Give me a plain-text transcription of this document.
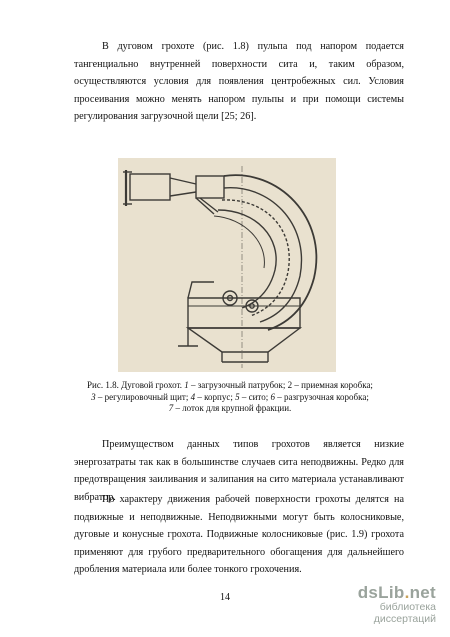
В дуговом грохоте (рис. 1.8) пульпа под напором подается тангенциально внутренней поверхности сита и, таким образом, осуществляются условия для появления центробежных сил. Условия просеивания можно менять напором пульпы и при помощи системы регулирования загрузочной щели [25; 26].

Рис. 1.8. Дуговой грохот. 1 – загрузочный патрубок; 2 – приемная коробка;
3 – регулировочный щит; 4 – корпус; 5 – сито; 6 – разгрузочная коробка;
7 – лоток для крупной фракции.

Преимуществом данных типов грохотов является низкие энергозатраты так как в большинстве случаев сита неподвижны. Редко для предотвращения заиливания и залипания на сито материала устанавливают вибратор.

По характеру движения рабочей поверхности грохоты делятся на подвижные и неподвижные. Неподвижными могут быть колосниковые, дуговые и конусные грохота. Подвижные колосниковые (рис. 1.9) грохота применяют для грубого предварительного обогащения для дальнейшего дробления материала или более тонкого грохочения.

14	dsLib.net
библиотека диссертаций
